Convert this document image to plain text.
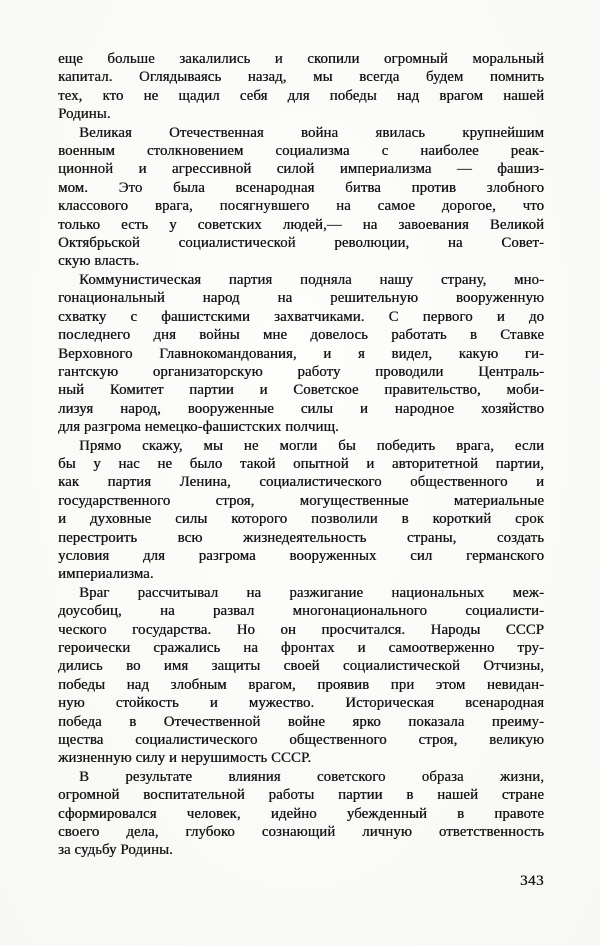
еще больше закалились и скопили огромный моральный
капитал. Оглядываясь назад, мы всегда будем помнить
тех, кто не щадил себя для победы над врагом нашей
Родины.
Великая Отечественная война явилась крупнейшим
военным столкновением социализма с наиболее реак-
ционной и агрессивной силой империализма — фашиз-
мом. Это была всенародная битва против злобного
классового врага, посягнувшего на самое дорогое, что
только есть у советских людей,— на завоевания Великой
Октябрьской социалистической революции, на Совет-
скую власть.
Коммунистическая партия подняла нашу страну, мно-
гонациональный народ на решительную вооруженную
схватку с фашистскими захватчиками. С первого и до
последнего дня войны мне довелось работать в Ставке
Верховного Главнокомандования, и я видел, какую ги-
гантскую организаторскую работу проводили Централь-
ный Комитет партии и Советское правительство, моби-
лизуя народ, вооруженные силы и народное хозяйство
для разгрома немецко-фашистских полчищ.
Прямо скажу, мы не могли бы победить врага, если
бы у нас не было такой опытной и авторитетной партии,
как партия Ленина, социалистического общественного и
государственного строя, могущественные материальные
и духовные силы которого позволили в короткий срок
перестроить всю жизнедеятельность страны, создать
условия для разгрома вооруженных сил германского
империализма.
Враг рассчитывал на разжигание национальных меж-
доусобиц, на развал многонационального социалисти-
ческого государства. Но он просчитался. Народы СССР
героически сражались на фронтах и самоотверженно тру-
дились во имя защиты своей социалистической Отчизны,
победы над злобным врагом, проявив при этом невидан-
ную стойкость и мужество. Историческая всенародная
победа в Отечественной войне ярко показала преиму-
щества социалистического общественного строя, великую
жизненную силу и нерушимость СССР.
В результате влияния советского образа жизни,
огромной воспитательной работы партии в нашей стране
сформировался человек, идейно убежденный в правоте
своего дела, глубоко сознающий личную ответственность
за судьбу Родины.
343
